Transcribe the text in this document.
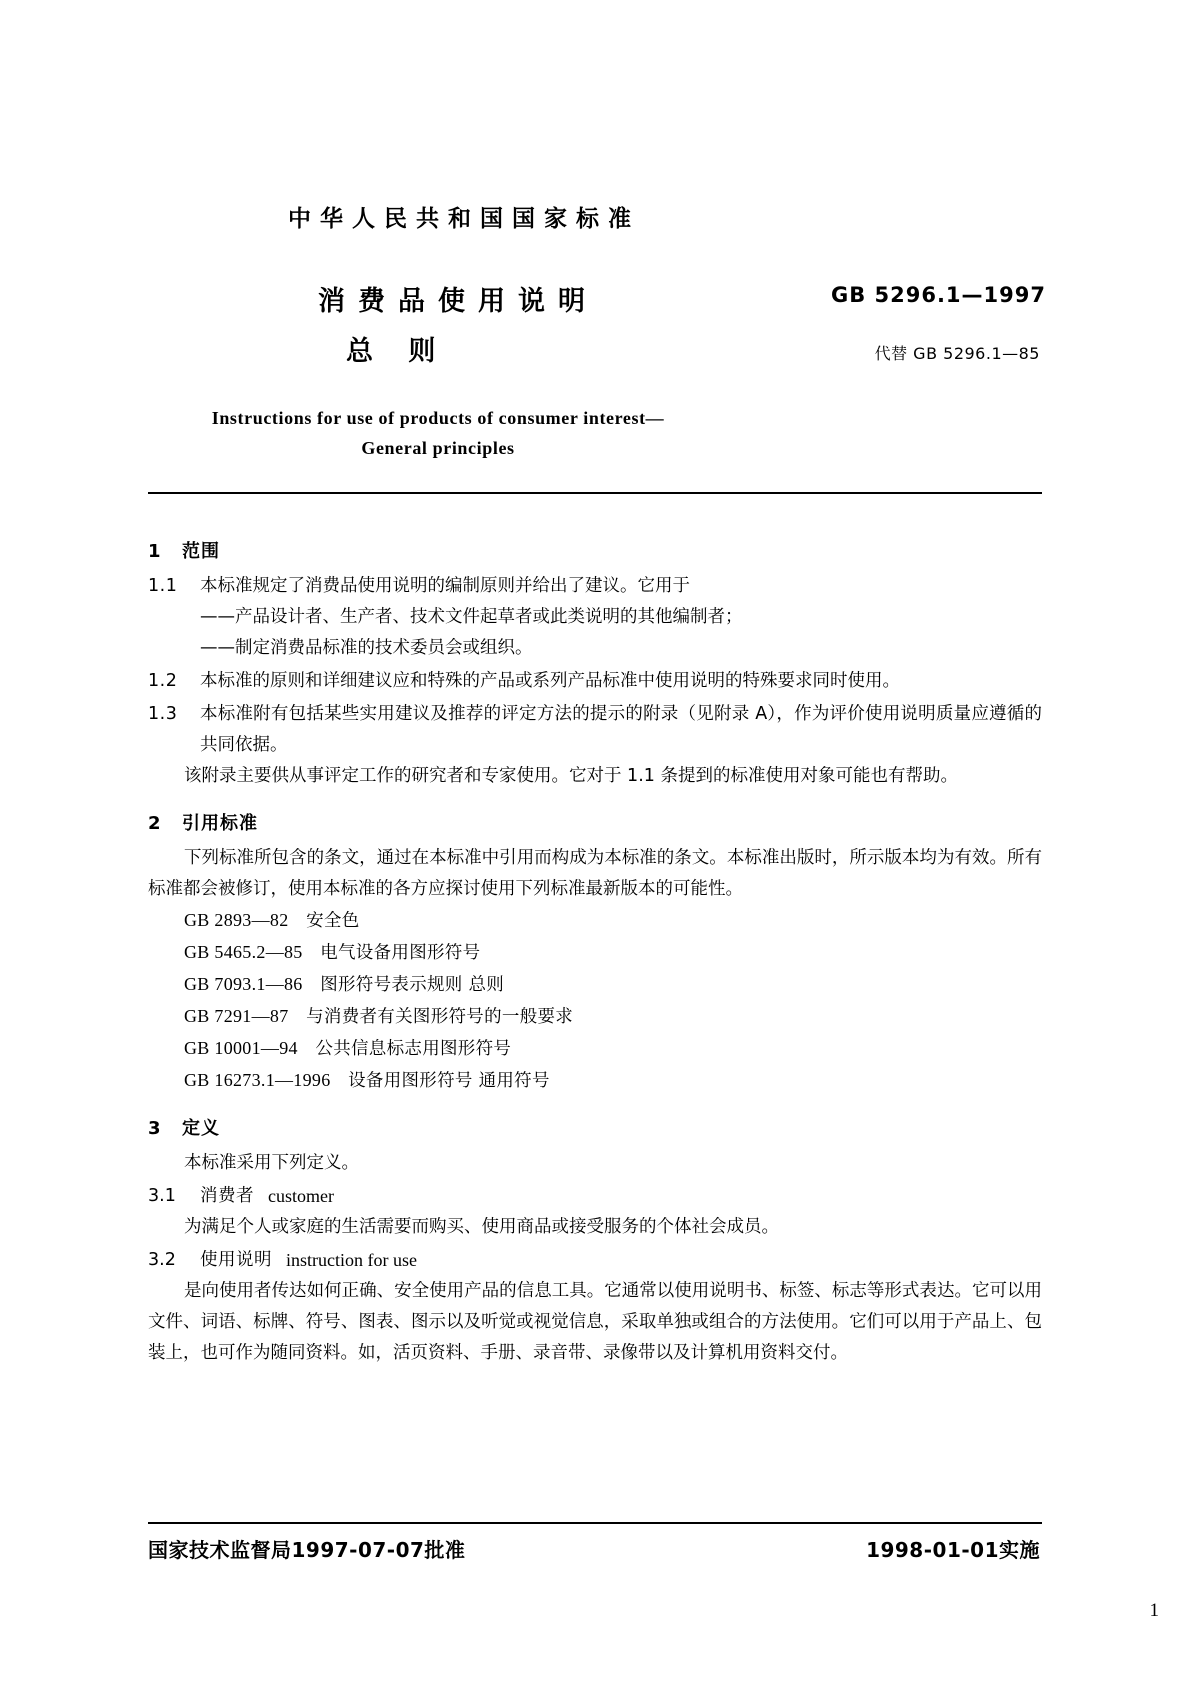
中华人民共和国国家标准
消费品使用说明
总 则
GB 5296.1—1997
代替 GB 5296.1—85
Instructions for use of products of consumer interest—
General principles
1 范围
1.1	本标准规定了消费品使用说明的编制原则并给出了建议。它用于
——产品设计者、生产者、技术文件起草者或此类说明的其他编制者；
——制定消费品标准的技术委员会或组织。
1.2	本标准的原则和详细建议应和特殊的产品或系列产品标准中使用说明的特殊要求同时使用。
1.3	本标准附有包括某些实用建议及推荐的评定方法的提示的附录（见附录 A），作为评价使用说明质量应遵循的共同依据。
该附录主要供从事评定工作的研究者和专家使用。它对于 1.1 条提到的标准使用对象可能也有帮助。
2 引用标准
下列标准所包含的条文，通过在本标准中引用而构成为本标准的条文。本标准出版时，所示版本均为有效。所有标准都会被修订，使用本标准的各方应探讨使用下列标准最新版本的可能性。
GB 2893—82 安全色
GB 5465.2—85 电气设备用图形符号
GB 7093.1—86 图形符号表示规则 总则
GB 7291—87 与消费者有关图形符号的一般要求
GB 10001—94 公共信息标志用图形符号
GB 16273.1—1996 设备用图形符号 通用符号
3 定义
本标准采用下列定义。
3.1	消费者 customer
为满足个人或家庭的生活需要而购买、使用商品或接受服务的个体社会成员。
3.2	使用说明 instruction for use
是向使用者传达如何正确、安全使用产品的信息工具。它通常以使用说明书、标签、标志等形式表达。它可以用文件、词语、标牌、符号、图表、图示以及听觉或视觉信息，采取单独或组合的方法使用。它们可以用于产品上、包装上，也可作为随同资料。如，活页资料、手册、录音带、录像带以及计算机用资料交付。
国家技术监督局1997-07-07批准	1998-01-01实施
1
